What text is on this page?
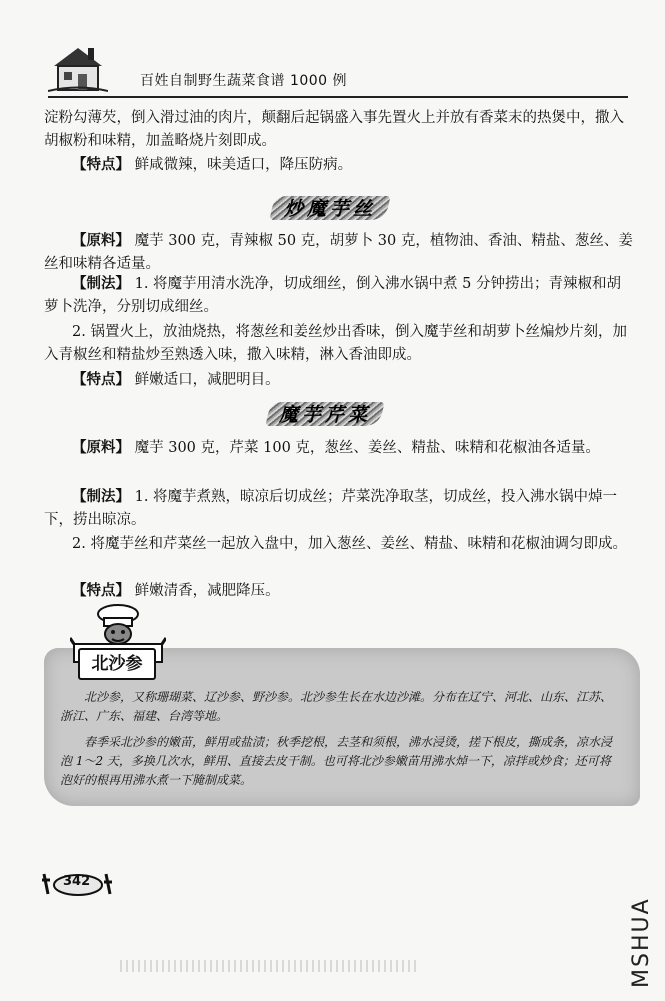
百姓自制野生蔬菜食谱 1000 例

淀粉勾薄芡，倒入滑过油的肉片，颠翻后起锅盛入事先置火上并放有香菜末的热煲中，撒入胡椒粉和味精，加盖略烧片刻即成。
【特点】 鲜咸微辣，味美适口，降压防病。

炒魔芋丝

【原料】 魔芋 300 克，青辣椒 50 克，胡萝卜 30 克，植物油、香油、精盐、葱丝、姜丝和味精各适量。

【制法】 1. 将魔芋用清水洗净，切成细丝，倒入沸水锅中煮 5 分钟捞出；青辣椒和胡萝卜洗净，分别切成细丝。

2. 锅置火上，放油烧热，将葱丝和姜丝炒出香味，倒入魔芋丝和胡萝卜丝煸炒片刻，加入青椒丝和精盐炒至熟透入味，撒入味精，淋入香油即成。

【特点】 鲜嫩适口，减肥明目。

魔芋芹菜

【原料】 魔芋 300 克，芹菜 100 克，葱丝、姜丝、精盐、味精和花椒油各适量。

【制法】 1. 将魔芋煮熟，晾凉后切成丝；芹菜洗净取茎，切成丝，投入沸水锅中焯一下，捞出晾凉。

2. 将魔芋丝和芹菜丝一起放入盘中，加入葱丝、姜丝、精盐、味精和花椒油调匀即成。

【特点】 鲜嫩清香，减肥降压。

北沙参

北沙参，又称珊瑚菜、辽沙参、野沙参。北沙参生长在水边沙滩。分布在辽宁、河北、山东、江苏、浙江、广东、福建、台湾等地。

春季采北沙参的嫩苗，鲜用或盐渍；秋季挖根，去茎和须根，沸水浸烫，搓下根皮，撕成条，凉水浸泡 1～2 天，多换几次水，鲜用、直接去皮干制。也可将北沙参嫩苗用沸水焯一下，凉拌或炒食；还可将泡好的根再用沸水煮一下腌制成菜。

342
MSHUA
